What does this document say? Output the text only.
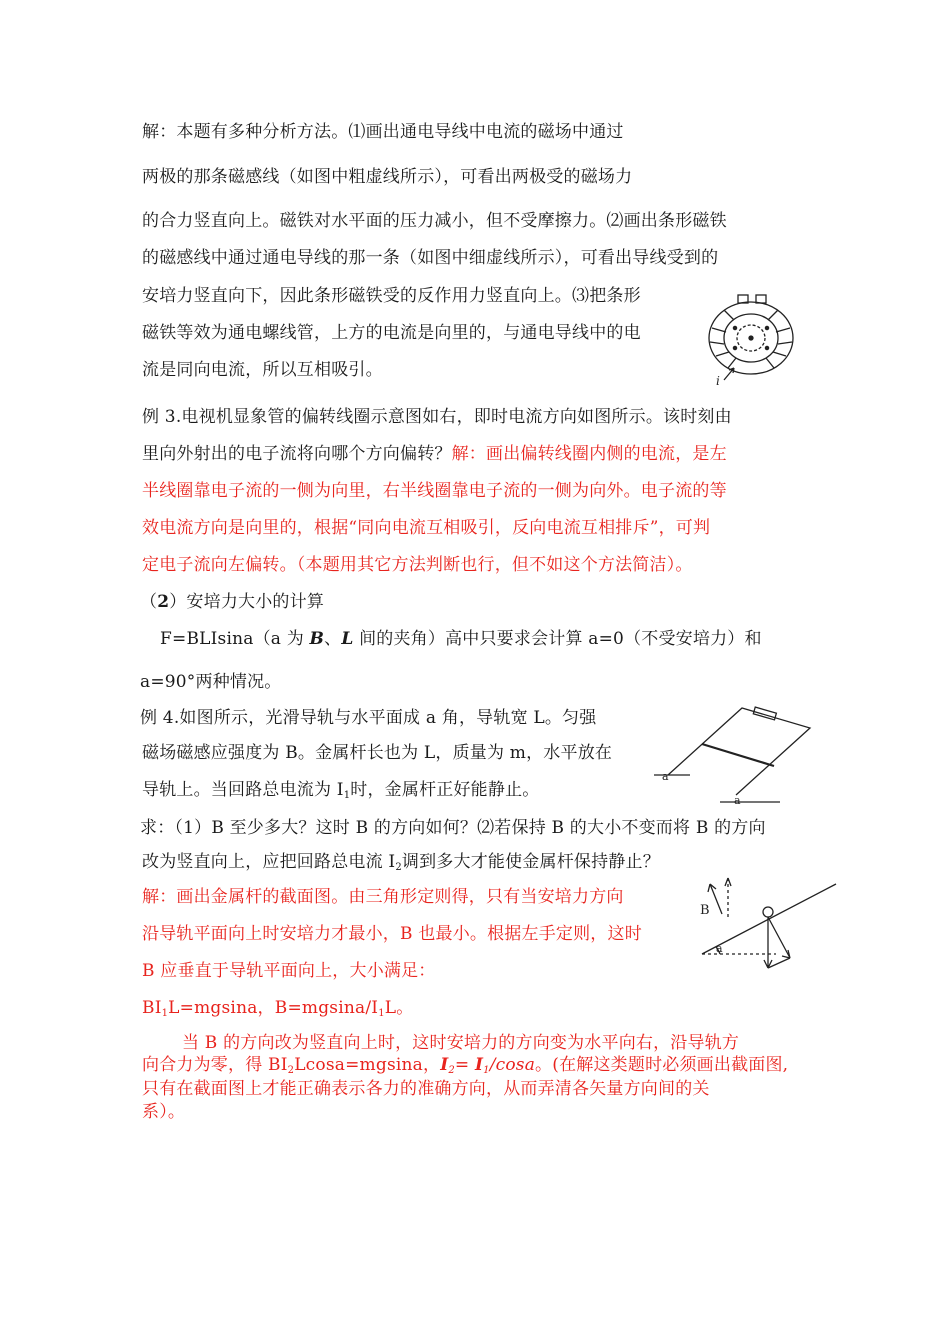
解：本题有多种分析方法。⑴画出通电导线中电流的磁场中通过
两极的那条磁感线（如图中粗虚线所示），可看出两极受的磁场力
的合力竖直向上。磁铁对水平面的压力减小，但不受摩擦力。⑵画出条形磁铁
的磁感线中通过通电导线的那一条（如图中细虚线所示），可看出导线受到的
安培力竖直向下，因此条形磁铁受的反作用力竖直向上。⑶把条形
磁铁等效为通电螺线管，上方的电流是向里的，与通电导线中的电
流是同向电流，所以互相吸引。
i
例 3.电视机显象管的偏转线圈示意图如右，即时电流方向如图所示。该时刻由
里向外射出的电子流将向哪个方向偏转？解：画出偏转线圈内侧的电流，是左
半线圈靠电子流的一侧为向里，右半线圈靠电子流的一侧为向外。电子流的等
效电流方向是向里的，根据“同向电流互相吸引，反向电流互相排斥”，可判
定电子流向左偏转。（本题用其它方法判断也行，但不如这个方法简洁）。
（2）安培力大小的计算
F=BLIsina（a 为 B、L 间的夹角）高中只要求会计算 a=0（不受安培力）和
a=90°两种情况。
例 4.如图所示，光滑导轨与水平面成 a 角，导轨宽 L。匀强
磁场磁感应强度为 B。金属杆长也为 L，质量为 m，水平放在
导轨上。当回路总电流为 $I_1$时，金属杆正好能静止。
a
a
求：（1）B 至少多大？这时 B 的方向如何？⑵若保持 B 的大小不变而将 B 的方向
改为竖直向上，应把回路总电流 $I_2$调到多大才能使金属杆保持静止？
解：画出金属杆的截面图。由三角形定则得，只有当安培力方向
沿导轨平面向上时安培力才最小，B 也最小。根据左手定则，这时
B 应垂直于导轨平面向上，大小满足：
$BI_1L=mgsina$，$B=mgsina/I_1L$。
B
a
当 B 的方向改为竖直向上时，这时安培力的方向变为水平向右，沿导轨方
向合力为零，得 $BI_2Lcosa=mgsina$，$I_2= I_1/\cos a$。(在解这类题时必须画出截面图,
只有在截面图上才能正确表示各力的准确方向，从而弄清各矢量方向间的关
系）。
